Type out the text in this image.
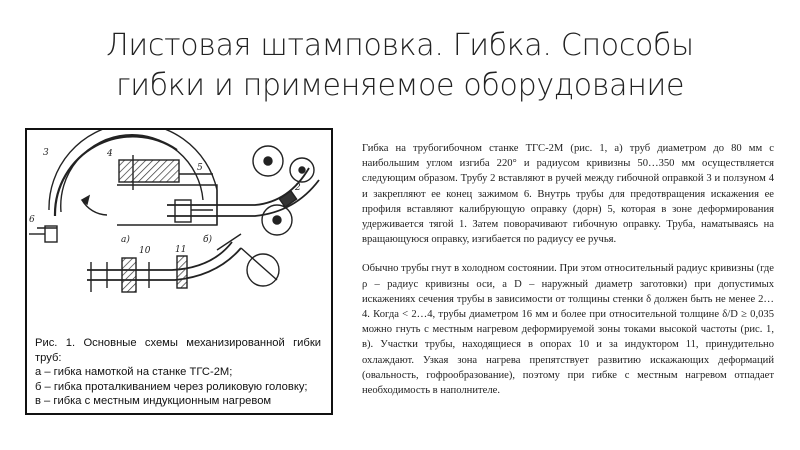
Листовая штамповка. Гибка. Способы
гибки и применяемое оборудование
3	4
6
а)	б)
10	11
5
2
Рис. 1. Основные схемы механизированной гибки труб:
а – гибка намоткой на станке ТГС-2М;
б – гибка проталкиванием через роликовую головку;
в – гибка с местным индукционным нагревом

Гибка на трубогибочном станке ТГС-2М (рис. 1, а) труб диаметром до 80 мм с наибольшим углом изгиба 220° и радиусом кривизны 50…350 мм осуществляется следующим образом. Трубу 2 вставляют в ручей между гибочной оправкой 3 и ползуном 4 и закрепляют ее конец зажимом 6. Внутрь трубы для предотвращения искажения ее профиля вставляют калибрующую оправку (дорн) 5, которая в зоне деформирования удерживается тягой 1. Затем поворачивают гибочную оправку. Труба, наматываясь на вращающуюся оправку, изгибается по радиусу ее ручья.

Обычно трубы гнут в холодном состоянии. При этом относительный радиус кривизны (где ρ – радиус кривизны оси, а D – наружный диаметр заготовки) при допустимых искажениях сечения трубы в зависимости от толщины стенки δ должен быть не менее 2…4. Когда < 2…4, трубы диаметром 16 мм и более при относительной толщине δ/D ≥ 0,035 можно гнуть с местным нагревом деформируемой зоны токами высокой частоты (рис. 1, в). Участки трубы, находящиеся в опорах 10 и за индуктором 11, принудительно охлаждают. Узкая зона нагрева препятствует развитию искажающих деформаций (овальность, гофрообразование), поэтому при гибке с местным нагревом отпадает необходимость в наполнителе.
